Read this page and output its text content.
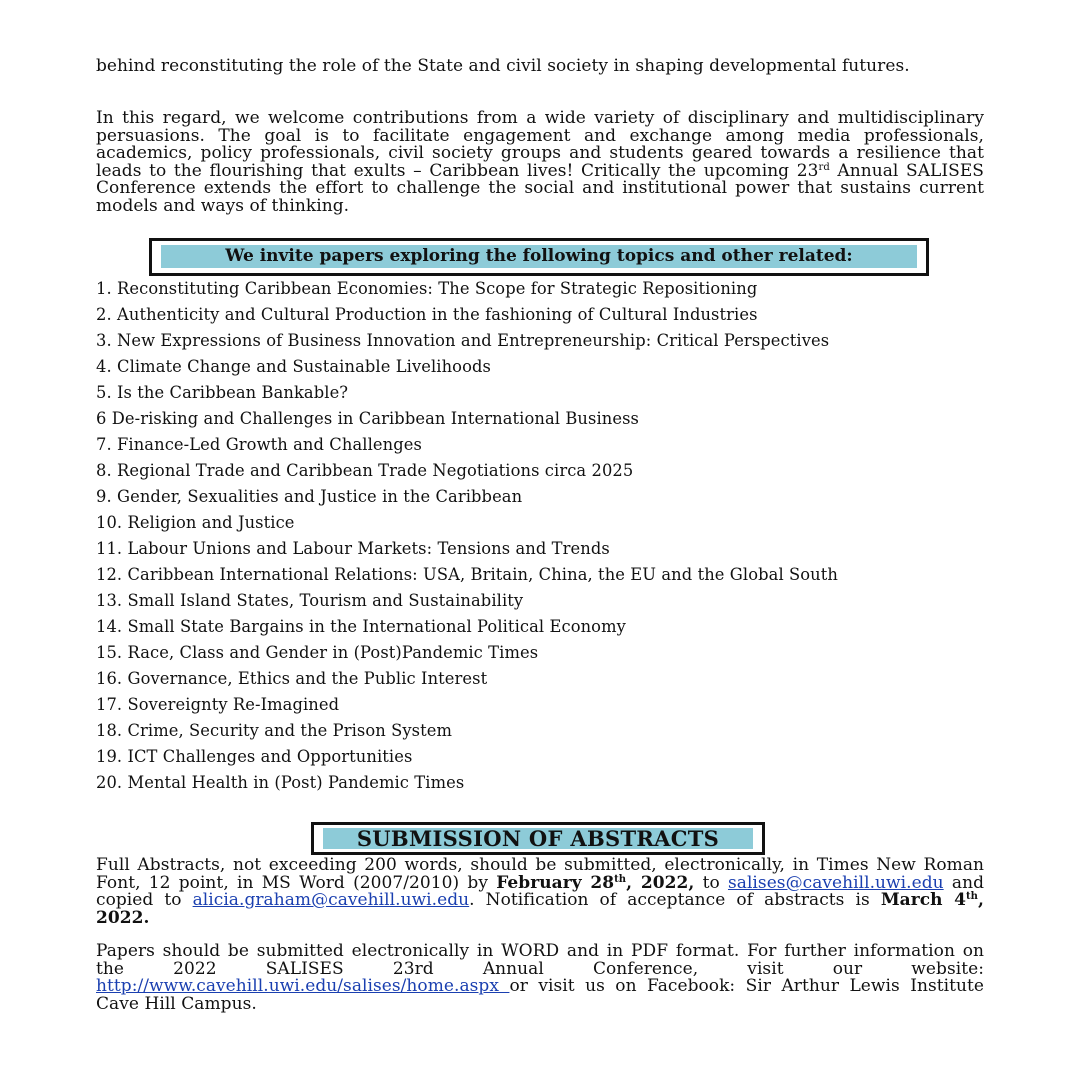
behind reconstituting the role of the State and civil society in shaping developmental futures.

In this regard, we welcome contributions from a wide variety of disciplinary and multidisciplinary persuasions. The goal is to facilitate engagement and exchange among media professionals, academics, policy professionals, civil society groups and students geared towards a resilience that leads to the flourishing that exults – Caribbean lives! Critically the upcoming 23rd Annual SALISES Conference extends the effort to challenge the social and institutional power that sustains current models and ways of thinking.

We invite papers exploring the following topics and other related:
1. Reconstituting Caribbean Economies: The Scope for Strategic Repositioning
2. Authenticity and Cultural Production in the fashioning of Cultural Industries
3. New Expressions of Business Innovation and Entrepreneurship: Critical Perspectives
4. Climate Change and Sustainable Livelihoods
5. Is the Caribbean Bankable?
6 De-risking and Challenges in Caribbean International Business
7. Finance-Led Growth and Challenges
8. Regional Trade and Caribbean Trade Negotiations circa 2025
9. Gender, Sexualities and Justice in the Caribbean
10. Religion and Justice
11. Labour Unions and Labour Markets: Tensions and Trends
12. Caribbean International Relations: USA, Britain, China, the EU and the Global South
13. Small Island States, Tourism and Sustainability
14. Small State Bargains in the International Political Economy
15. Race, Class and Gender in (Post)Pandemic Times
16. Governance, Ethics and the Public Interest
17. Sovereignty Re-Imagined
18. Crime, Security and the Prison System
19. ICT Challenges and Opportunities
20. Mental Health in (Post) Pandemic Times
SUBMISSION OF ABSTRACTS

Full Abstracts, not exceeding 200 words, should be submitted, electronically, in Times New Roman Font, 12 point, in MS Word (2007/2010) by February 28th, 2022, to salises@cavehill.uwi.edu and copied to alicia.graham@cavehill.uwi.edu. Notification of acceptance of abstracts is March 4th, 2022.

Papers should be submitted electronically in WORD and in PDF format. For further information on the 2022 SALISES 23rd Annual Conference, visit our website: http://www.cavehill.uwi.edu/salises/home.aspx or visit us on Facebook: Sir Arthur Lewis Institute Cave Hill Campus.
